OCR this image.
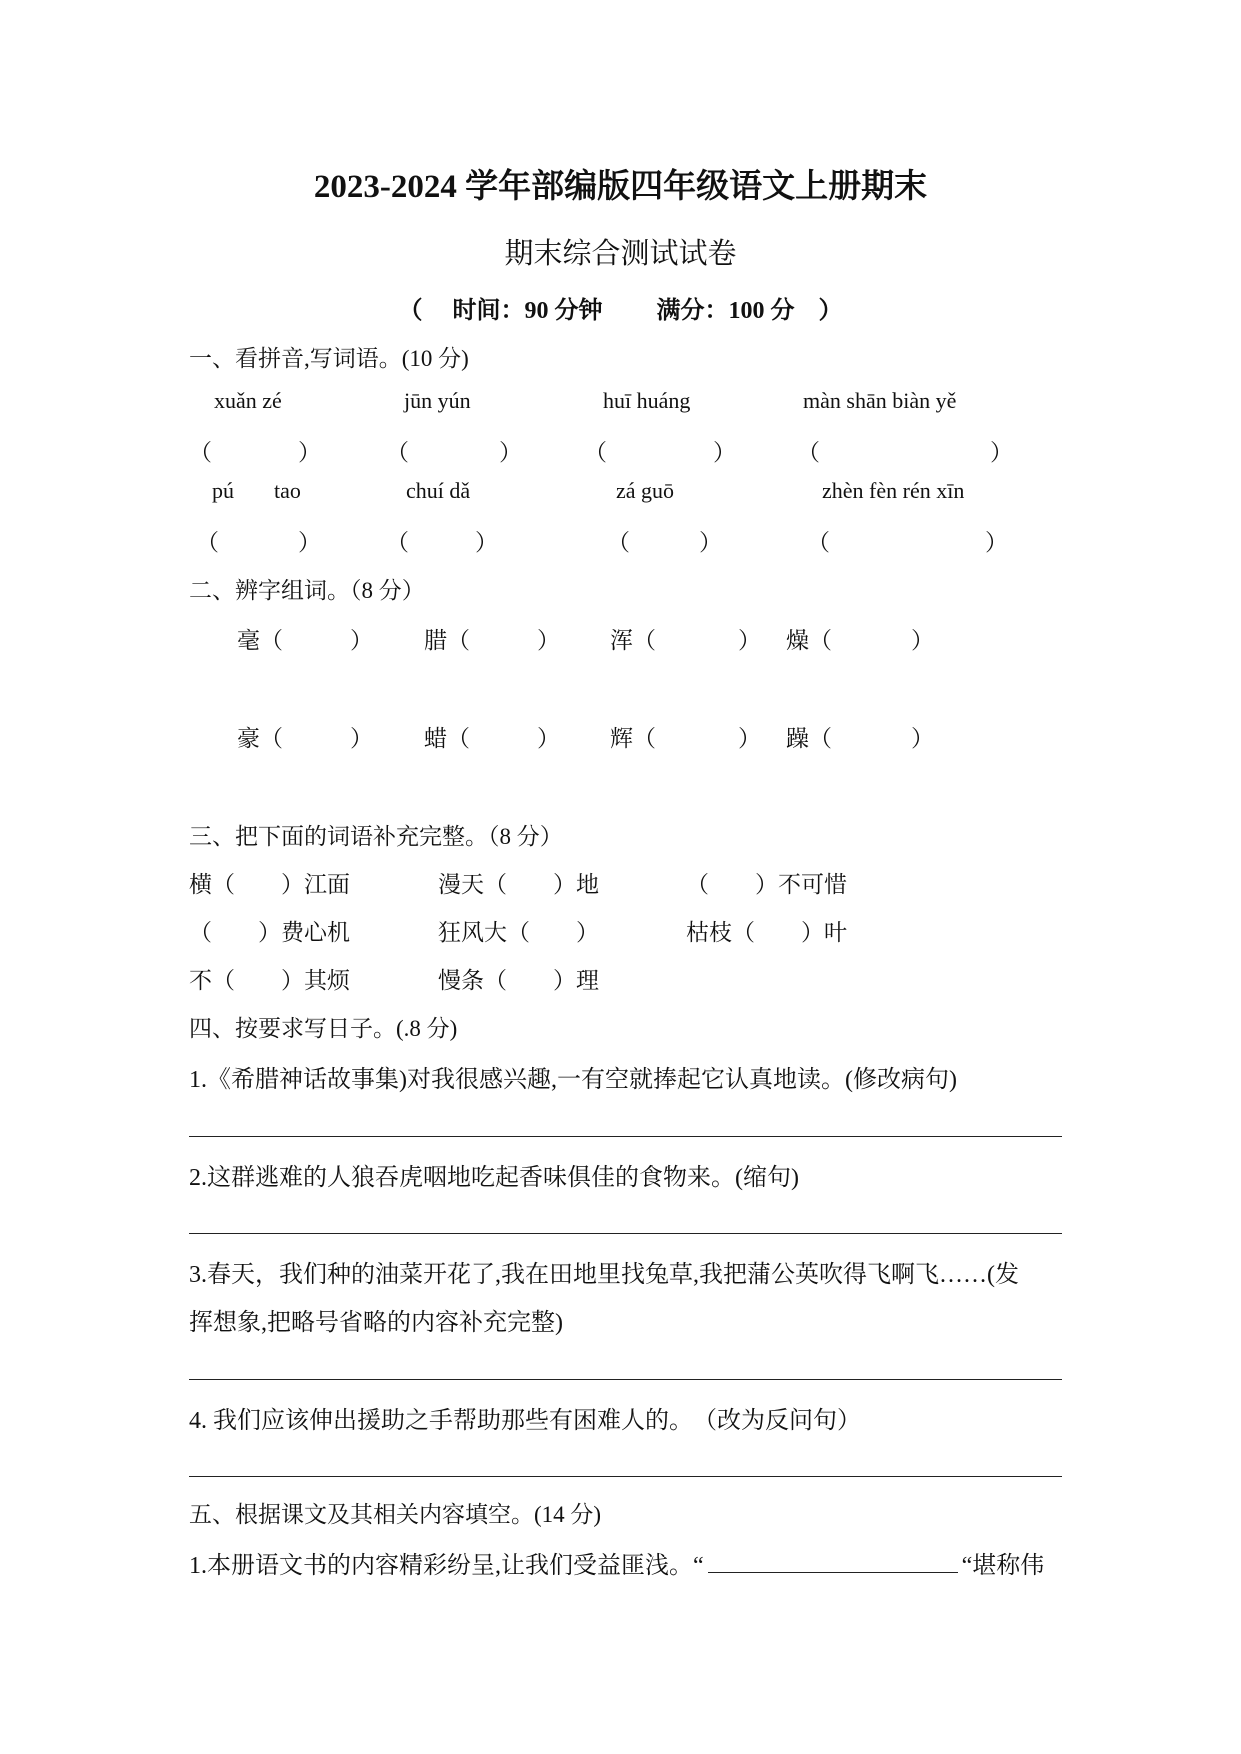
2023-2024 学年部编版四年级语文上册期末
期末综合测试试卷
（　 时间：90 分钟　　 满分：100 分　）
一、看拼音,写词语。(10 分)
xuǎn zé	jūn yún	huī huáng	màn shān biàn yě
（	）	（	）	（	）	（	）
pú tao	chuí dǎ	zá guō	zhèn fèn rén xīn
（	）	（	）	（	）	（	）
二、辨字组词。（8 分）
毫（	） 腊（	） 浑（	） 燥（	）
豪（	） 蜡（	） 辉（	） 躁（	）
三、把下面的词语补充完整。（8 分）
横（　　）江面	漫天（　　）地	（　　）不可惜
（　　）费心机	狂风大（　　）	枯枝（　　）叶
不（　　）其烦	慢条（　　）理
四、按要求写日子。(.8 分)
1.《希腊神话故事集)对我很感兴趣,一有空就捧起它认真地读。(修改病句)
2.这群逃难的人狼吞虎咽地吃起香味俱佳的食物来。(缩句)
3.春天，我们种的油菜开花了,我在田地里找兔草,我把蒲公英吹得飞啊飞……(发
挥想象,把略号省略的内容补充完整)
4. 我们应该伸出援助之手帮助那些有困难人的。　（改为反问句）
五、根据课文及其相关内容填空。(14 分)
1.本册语文书的内容精彩纷呈,让我们受益匪浅。“	“堪称伟
